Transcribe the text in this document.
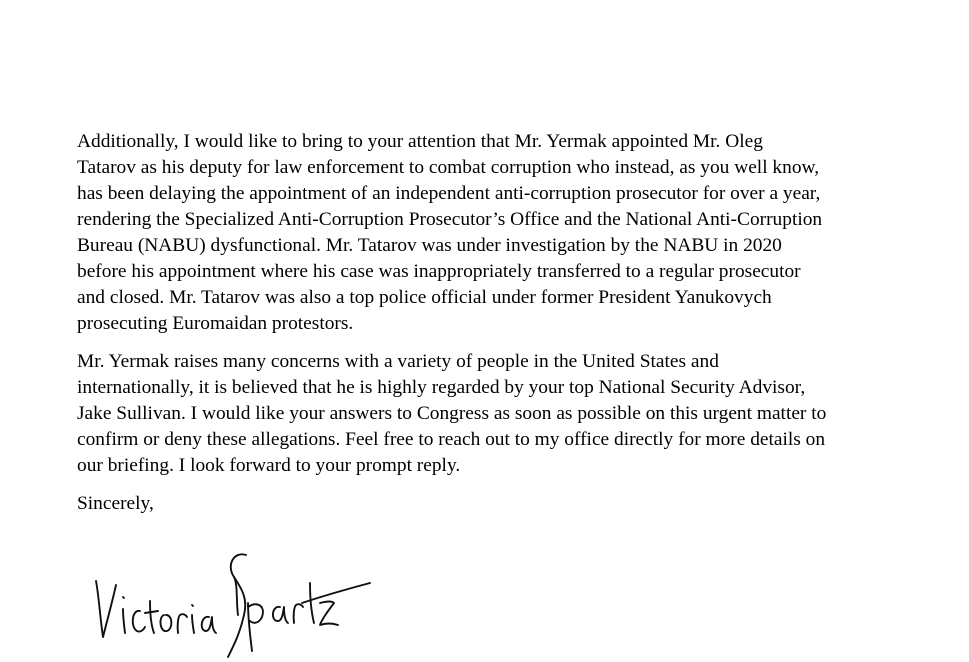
Additionally, I would like to bring to your attention that Mr. Yermak appointed Mr. Oleg
Tatarov as his deputy for law enforcement to combat corruption who instead, as you well know,
has been delaying the appointment of an independent anti-corruption prosecutor for over a year,
rendering the Specialized Anti-Corruption Prosecutor’s Office and the National Anti-Corruption
Bureau (NABU) dysfunctional. Mr. Tatarov was under investigation by the NABU in 2020
before his appointment where his case was inappropriately transferred to a regular prosecutor
and closed. Mr. Tatarov was also a top police official under former President Yanukovych
prosecuting Euromaidan protestors.

Mr. Yermak raises many concerns with a variety of people in the United States and
internationally, it is believed that he is highly regarded by your top National Security Advisor,
Jake Sullivan. I would like your answers to Congress as soon as possible on this urgent matter to
confirm or deny these allegations. Feel free to reach out to my office directly for more details on
our briefing. I look forward to your prompt reply.

Sincerely,
